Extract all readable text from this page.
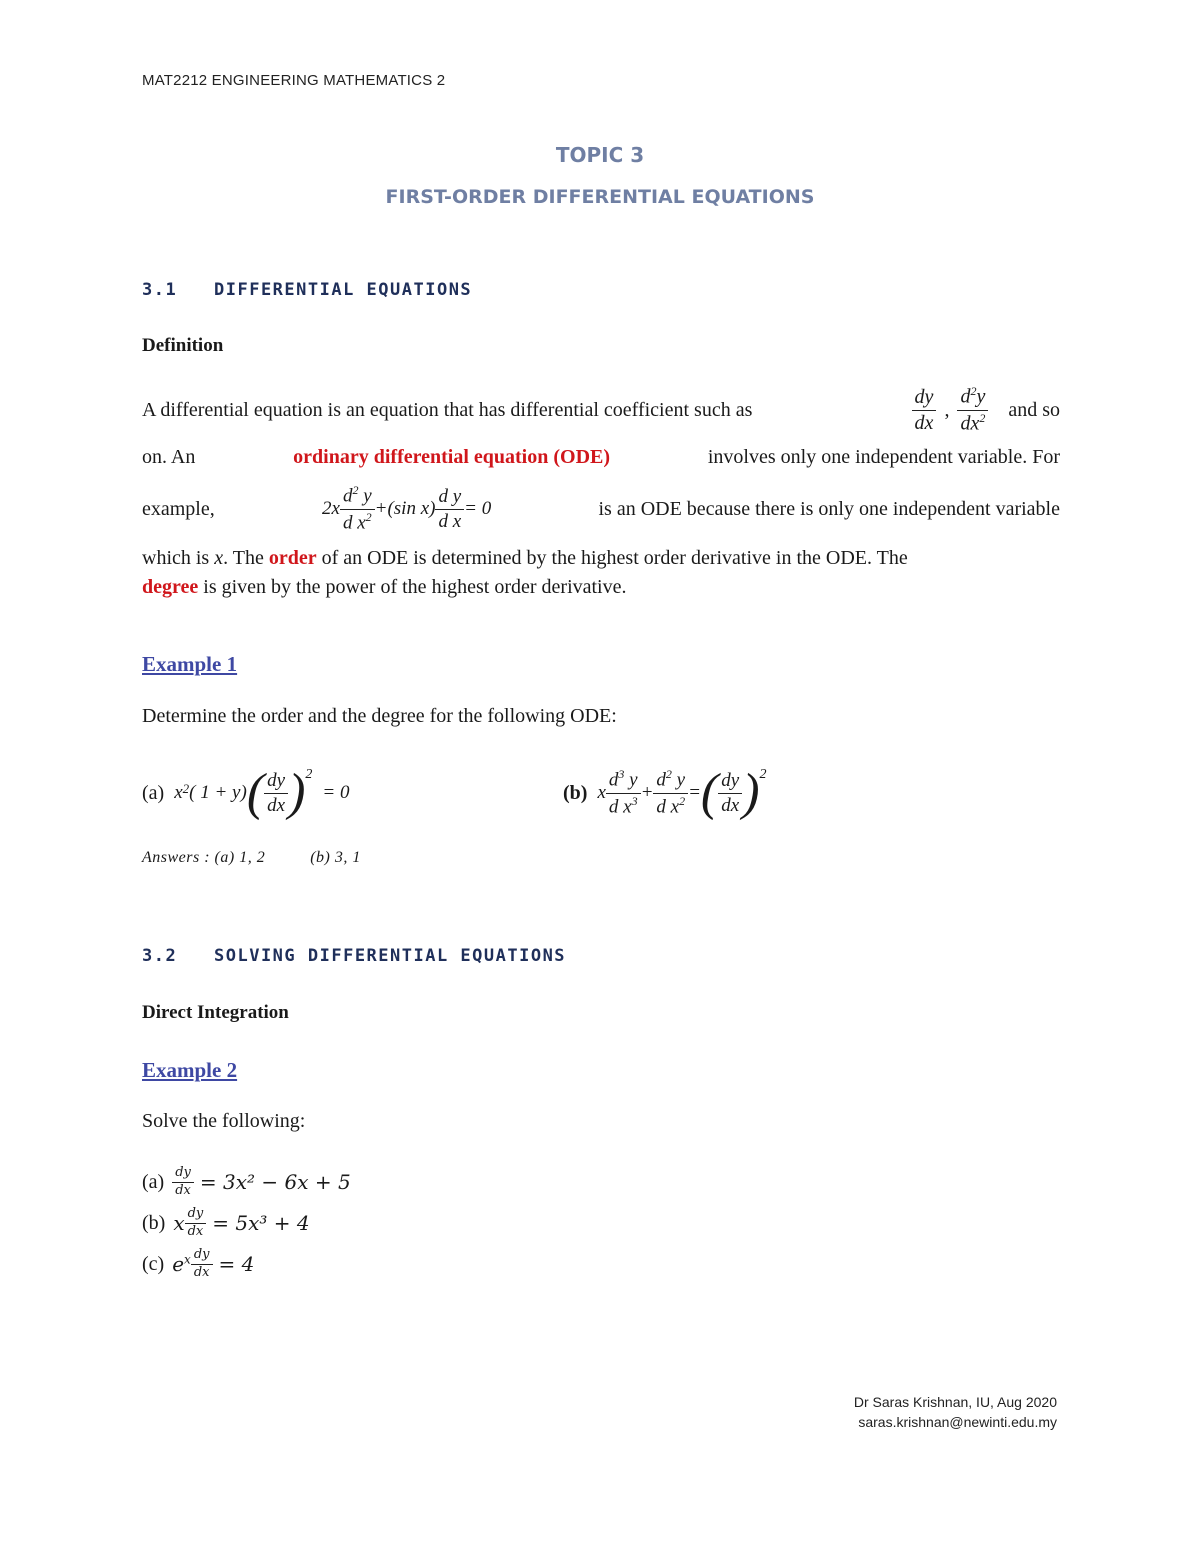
MAT2212 ENGINEERING MATHEMATICS 2
TOPIC 3
FIRST-ORDER DIFFERENTIAL EQUATIONS
3.1 DIFFERENTIAL EQUATIONS
Definition
A differential equation is an equation that has differential coefficient such as	$\frac{dy}{dx}$ , $\frac{d^2y}{dx^2}$ and so
on. An	ordinary differential equation (ODE)	involves only one independent variable. For
example,	$2x \frac{d^2 y}{d x^2} +(\sin$ $x) \frac{\text{d y}}{\text{d x}} = 0$	is an ODE because there is only one independent variable
which is x. The order of an ODE is determined by the highest order derivative in the ODE. The
degree is given by the power of the highest order derivative.
Example 1
Determine the order and the degree for the following ODE:
(a) x 2 ( 1 + y) ( $\frac{dy}{dx} )^2$
= 0	(b) x $\frac{d^3 y}{d x^3} + \frac{d^2 y}{d x^2}$ = ( $\frac{dy}{dx} )^2$
Answers : (a) 1, 2          (b) 3, 1
3.2 SOLVING DIFFERENTIAL EQUATIONS
Direct Integration
Example 2
Solve the following:
$(a) \frac{dy}{dx} = 3x^2 - 6x + 5$
(b) x $\frac{dy}{dx} = 5x^3 + 4$
(c) $e^x \frac{dy}{dx} = 4$
Dr Saras Krishnan, IU, Aug 2020
saras.krishnan@newinti.edu.my
